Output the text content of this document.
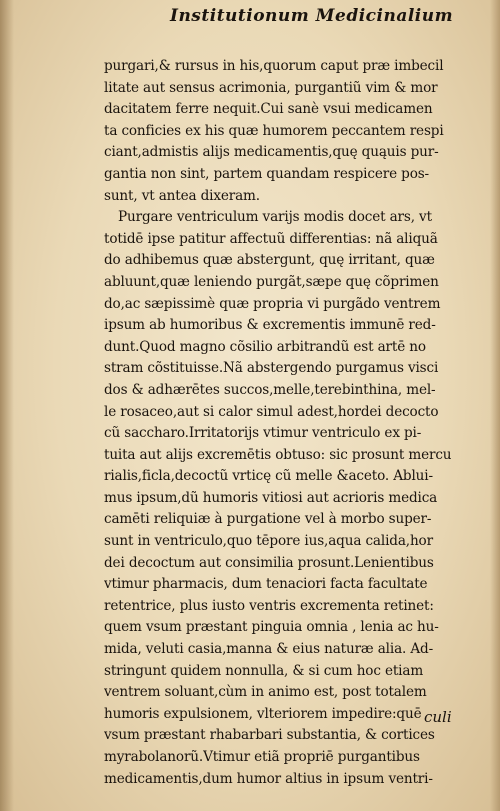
Institutionum Medicinalium
purgari,& rursus in his,quorum caput præ imbecil
litate aut sensus acrimonia, purgantiũ vim & mor
dacitatem ferre nequit.Cui sanè vsui medicamen
ta conficies ex his quæ humorem peccantem respi
ciant,admistis alijs medicamentis,quę quąuis pur-
gantia non sint, partem quandam respicere pos-
sunt, vt antea dixeram.
Purgare ventriculum varijs modis docet ars, vt
totidē ipse patitur affectuũ differentias: nã aliquã
do adhibemus quæ abstergunt, quę irritant, quæ
abluunt,quæ leniendo purgãt,sæpe quę cõprimen
do,ac sæpissimè quæ propria vi purgãdo ventrem
ipsum ab humoribus & excrementis immunē red-
dunt.Quod magno cõsilio arbitrandũ est artē no
stram cõstituisse.Nã abstergendo purgamus visci
dos & adhærētes succos,melle,terebinthina, mel-
le rosaceo,aut si calor simul adest,hordei decocto
cũ saccharo.Irritatorijs vtimur ventriculo ex pi-
tuita aut alijs excremētis obtuso: sic prosunt mercu
rialis,ficla,decoctũ vrticę cũ melle &aceto. Ablui-
mus ipsum,dũ humoris vitiosi aut acrioris medica
camēti reliquiæ à purgatione vel à morbo super-
sunt in ventriculo,quo tēpore ius,aqua calida,hor
dei decoctum aut consimilia prosunt.Lenientibus
vtimur pharmacis, dum tenaciori facta facultate
retentrice, plus iusto ventris excrementa retinet:
quem vsum præstant pinguia omnia , lenia ac hu-
mida, veluti casia,manna & eius naturæ alia. Ad-
stringunt quidem nonnulla, & si cum hoc etiam
ventrem soluant,cùm in animo est, post totalem
humoris expulsionem, vlteriorem impedire:quē
vsum præstant rhabarbari substantia, & cortices
myrabolanorũ.Vtimur etiã propriē purgantibus
medicamentis,dum humor altius in ipsum ventri-
culi
